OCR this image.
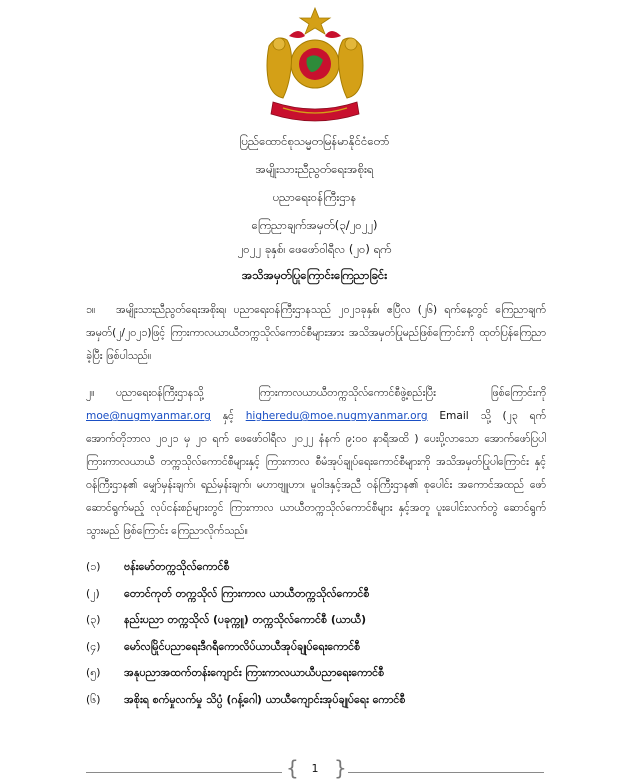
ပြည်ထောင်စုသမ္မတမြန်မာနိုင်ငံတော်
အမျိုးသားညီညွတ်ရေးအစိုးရ
ပညာရေးဝန်ကြီးဌာန
ကြေညာချက်အမှတ်(၃/၂၀၂၂)
၂၀၂၂ ခုနှစ်၊ ဖေဖော်ဝါရီလ (၂၀) ရက်
အသိအမှတ်ပြုကြောင်းကြေညာခြင်း
၁။ အမျိုးသားညီညွတ်ရေးအစိုးရ၊ ပညာရေးဝန်ကြီးဌာနသည် ၂၀၂၁ခုနှစ်၊ ဧပြီလ (၂၆) ရက်နေ့တွင် ကြေညာချက်အမှတ်(၂/၂၀၂၁)ဖြင့် ကြားကာလယာယီတက္ကသိုလ်ကောင်စီများအား အသိအမှတ်ပြုမည်ဖြစ်ကြောင်းကို ထုတ်ပြန်ကြေညာခဲ့ပြီး ဖြစ်ပါသည်။
၂။ ပညာရေးဝန်ကြီးဌာနသို့ ကြားကာလယာယီတက္ကသိုလ်ကောင်စီဖွဲ့စည်းပြီး ဖြစ်ကြောင်းကို moe@nugmyanmar.org နှင့် higheredu@moe.nugmyanmar.org Email သို့ (၂၃ ရက် အောက်တိုဘာလ ၂၀၂၁ မှ ၂၀ ရက် ဖေဖော်ဝါရီလ ၂၀၂၂ နံနက် ၉:၀၀ နာရီအထိ ) ပေးပို့လာသော အောက်ဖော်ပြပါ ကြားကာလယာယီ တက္ကသိုလ်ကောင်စီများနှင့် ကြားကာလ စီမံအုပ်ချုပ်ရေးကောင်စီများကို အသိအမှတ်ပြုပါကြောင်း နှင့် ဝန်ကြီးဌာန၏ မျှော်မှန်းချက်၊ ရည်မှန်းချက်၊ မဟာဗျူဟာ၊ မူဝါဒနှင့်အညီ ဝန်ကြီးဌာန၏ စုပေါင်း အကောင်အထည် ဖော်ဆောင်ရွက်မည့် လုပ်ငန်းစဉ်များတွင် ကြားကာလ ယာယီတက္ကသိုလ်ကောင်စီများ နှင့်အတူ ပူးပေါင်းလက်တွဲ ဆောင်ရွက်သွားမည် ဖြစ်ကြောင်း ကြေညာလိုက်သည်။
(၁)	ဗန်းမော်တက္ကသိုလ်ကောင်စီ
(၂)	တောင်ကုတ် တက္ကသိုလ် ကြားကာလ ယာယီတက္ကသိုလ်ကောင်စီ
(၃)	နည်းပညာ တက္ကသိုလ် (ပခုက္ကူ) တက္ကသိုလ်ကောင်စီ (ယာယီ)
(၄)	မော်လမြိုင်ပညာရေးဒီဂရီကောလိပ်ယာယီအုပ်ချုပ်ရေးကောင်စီ
(၅)	အနုပညာအထက်တန်းကျောင်း ကြားကာလယာယီပညာရေးကောင်စီ
(၆)	အစိုးရ စက်မှုလက်မှု သိပ္ပံ (ဂန့်ဂေါ) ယာယီကျောင်းအုပ်ချုပ်ရေး ကောင်စီ
{ }
1
